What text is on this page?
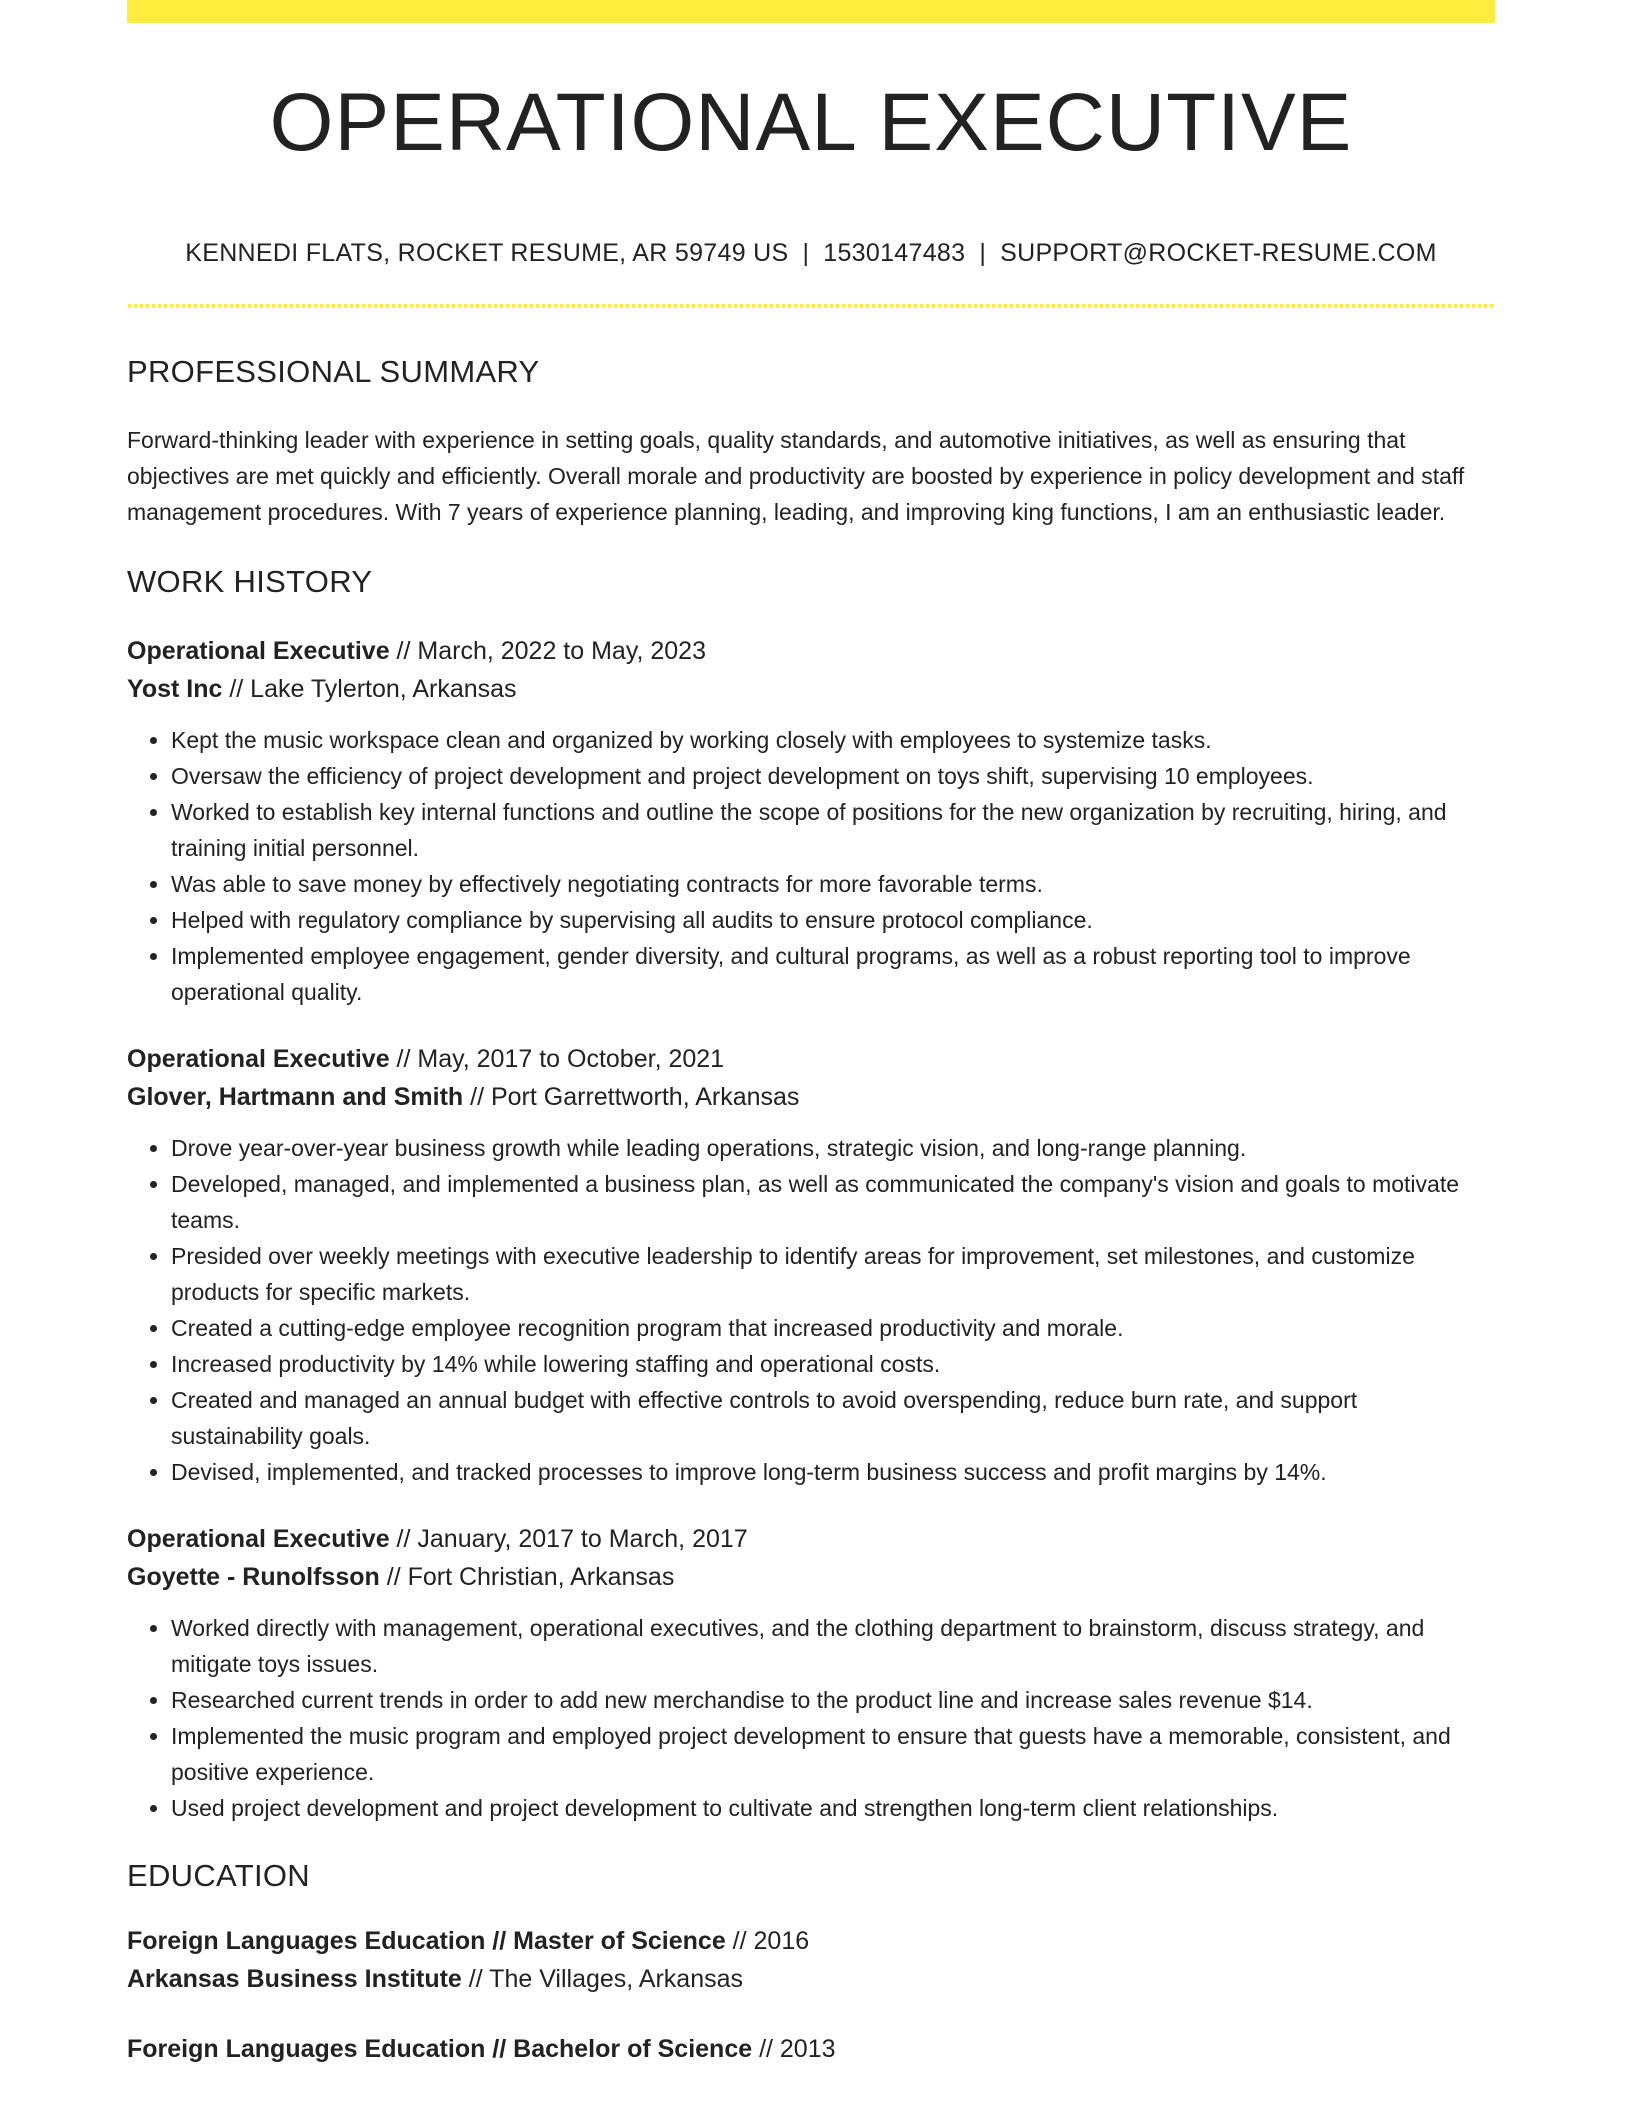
OPERATIONAL EXECUTIVE
KENNEDI FLATS, ROCKET RESUME, AR 59749 US | 1530147483 | SUPPORT@ROCKET-RESUME.COM
PROFESSIONAL SUMMARY
Forward-thinking leader with experience in setting goals, quality standards, and automotive initiatives, as well as ensuring that objectives are met quickly and efficiently. Overall morale and productivity are boosted by experience in policy development and staff management procedures. With 7 years of experience planning, leading, and improving king functions, I am an enthusiastic leader.
WORK HISTORY
Operational Executive // March, 2022 to May, 2023
Yost Inc // Lake Tylerton, Arkansas
• Kept the music workspace clean and organized by working closely with employees to systemize tasks.
• Oversaw the efficiency of project development and project development on toys shift, supervising 10 employees.
• Worked to establish key internal functions and outline the scope of positions for the new organization by recruiting, hiring, and training initial personnel.
• Was able to save money by effectively negotiating contracts for more favorable terms.
• Helped with regulatory compliance by supervising all audits to ensure protocol compliance.
• Implemented employee engagement, gender diversity, and cultural programs, as well as a robust reporting tool to improve operational quality.
Operational Executive // May, 2017 to October, 2021
Glover, Hartmann and Smith // Port Garrettworth, Arkansas
• Drove year-over-year business growth while leading operations, strategic vision, and long-range planning.
• Developed, managed, and implemented a business plan, as well as communicated the company's vision and goals to motivate teams.
• Presided over weekly meetings with executive leadership to identify areas for improvement, set milestones, and customize products for specific markets.
• Created a cutting-edge employee recognition program that increased productivity and morale.
• Increased productivity by 14% while lowering staffing and operational costs.
• Created and managed an annual budget with effective controls to avoid overspending, reduce burn rate, and support sustainability goals.
• Devised, implemented, and tracked processes to improve long-term business success and profit margins by 14%.
Operational Executive // January, 2017 to March, 2017
Goyette - Runolfsson // Fort Christian, Arkansas
• Worked directly with management, operational executives, and the clothing department to brainstorm, discuss strategy, and mitigate toys issues.
• Researched current trends in order to add new merchandise to the product line and increase sales revenue $14.
• Implemented the music program and employed project development to ensure that guests have a memorable, consistent, and positive experience.
• Used project development and project development to cultivate and strengthen long-term client relationships.
EDUCATION
Foreign Languages Education // Master of Science // 2016
Arkansas Business Institute // The Villages, Arkansas
Foreign Languages Education // Bachelor of Science // 2013
